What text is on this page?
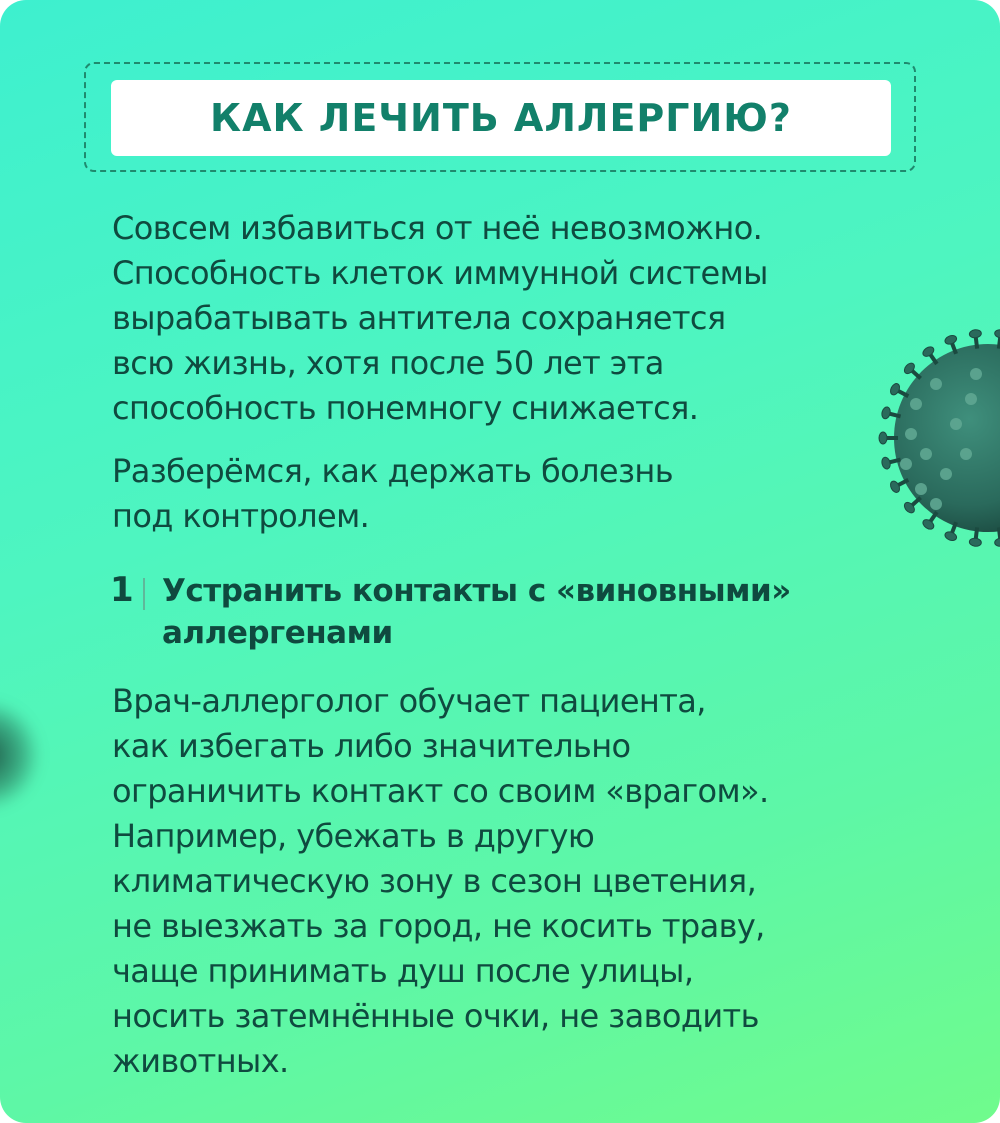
КАК ЛЕЧИТЬ АЛЛЕРГИЮ?
Совсем избавиться от неё невозможно.
Способность клеток иммунной системы
вырабатывать антитела сохраняется
всю жизнь, хотя после 50 лет эта
способность понемногу снижается.
Разберёмся, как держать болезнь
под контролем.
1 Устранить контакты с «виновными»
аллергенами
Врач-аллерголог обучает пациента,
как избегать либо значительно
ограничить контакт со своим «врагом».
Например, убежать в другую
климатическую зону в сезон цветения,
не выезжать за город, не косить траву,
чаще принимать душ после улицы,
носить затемнённые очки, не заводить
животных.
